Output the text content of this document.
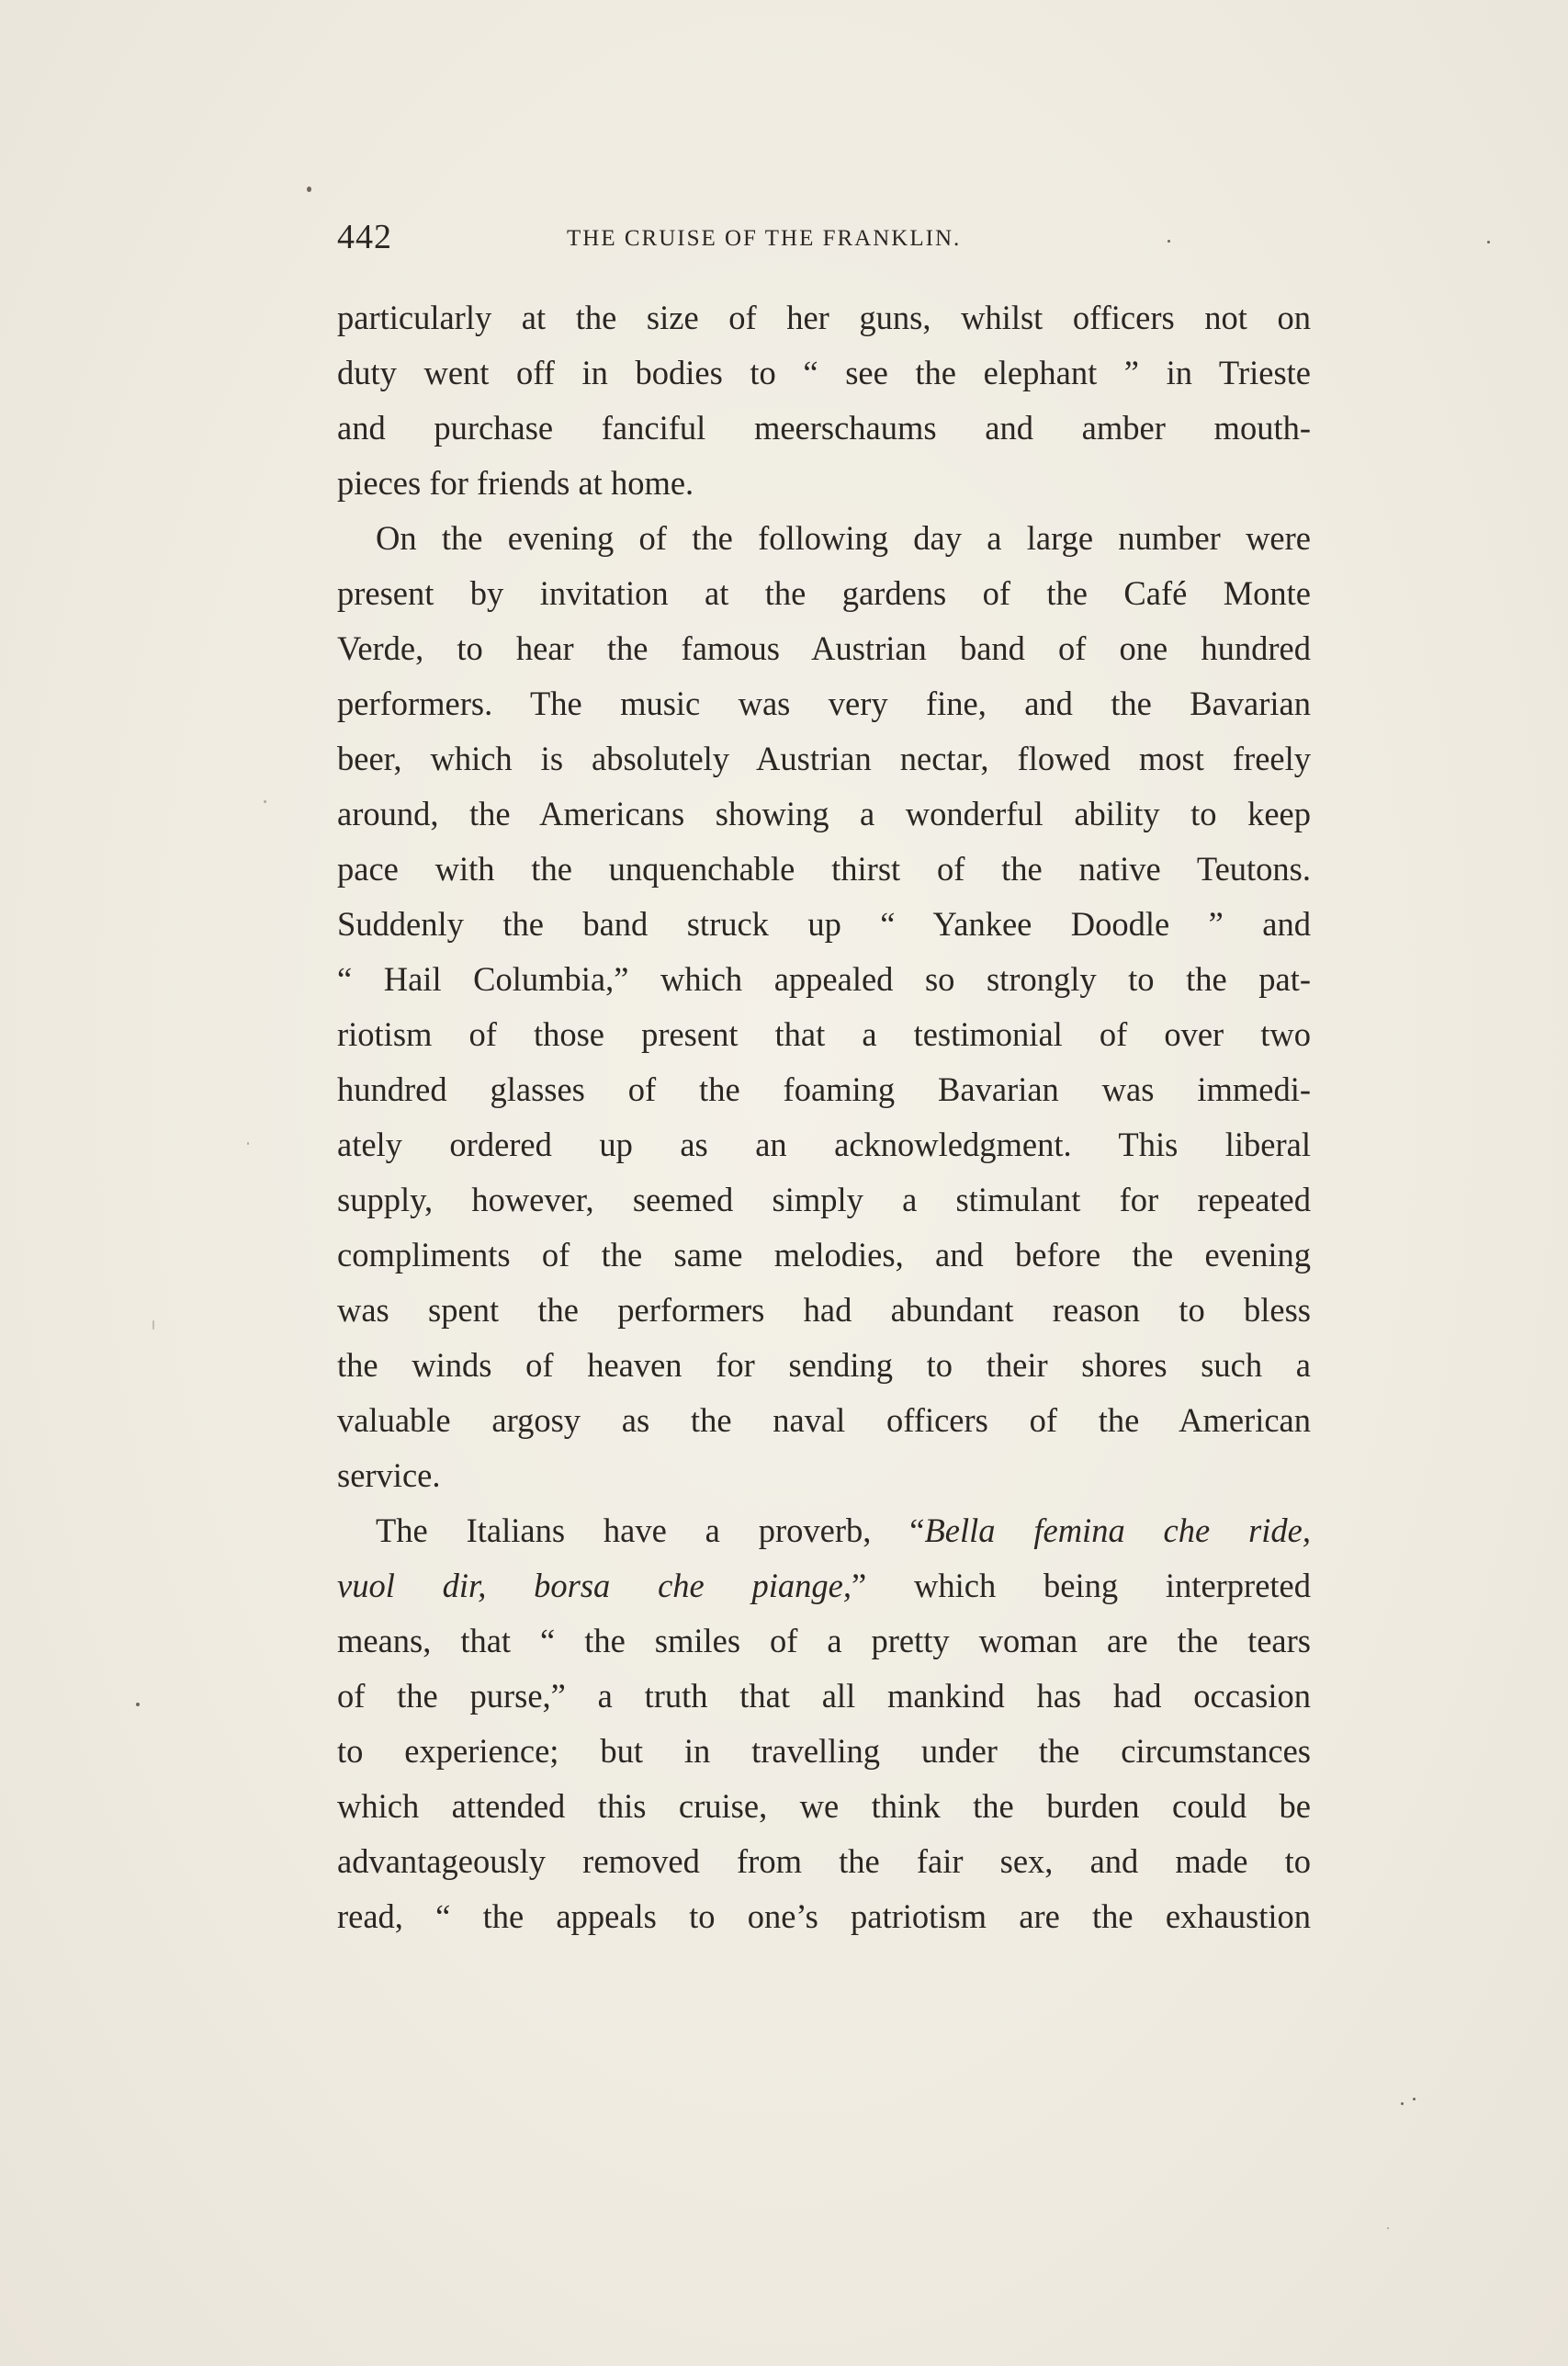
442	THE CRUISE OF THE FRANKLIN.
particularly at the size of her guns, whilst officers not on
duty went off in bodies to “ see the elephant ” in Trieste
and purchase fanciful meerschaums and amber mouth-
pieces for friends at home.
On the evening of the following day a large number were
present by invitation at the gardens of the Café Monte
Verde, to hear the famous Austrian band of one hundred
performers. The music was very fine, and the Bavarian
beer, which is absolutely Austrian nectar, flowed most freely
around, the Americans showing a wonderful ability to keep
pace with the unquenchable thirst of the native Teutons.
Suddenly the band struck up “ Yankee Doodle ” and
“ Hail Columbia,” which appealed so strongly to the pat-
riotism of those present that a testimonial of over two
hundred glasses of the foaming Bavarian was immedi-
ately ordered up as an acknowledgment. This liberal
supply, however, seemed simply a stimulant for repeated
compliments of the same melodies, and before the evening
was spent the performers had abundant reason to bless
the winds of heaven for sending to their shores such a
valuable argosy as the naval officers of the American
service.
The Italians have a proverb, “Bella femina che ride,
vuol dir, borsa che piange,” which being interpreted
means, that “ the smiles of a pretty woman are the tears
of the purse,” a truth that all mankind has had occasion
to experience; but in travelling under the circumstances
which attended this cruise, we think the burden could be
advantageously removed from the fair sex, and made to
read, “ the appeals to one’s patriotism are the exhaustion
